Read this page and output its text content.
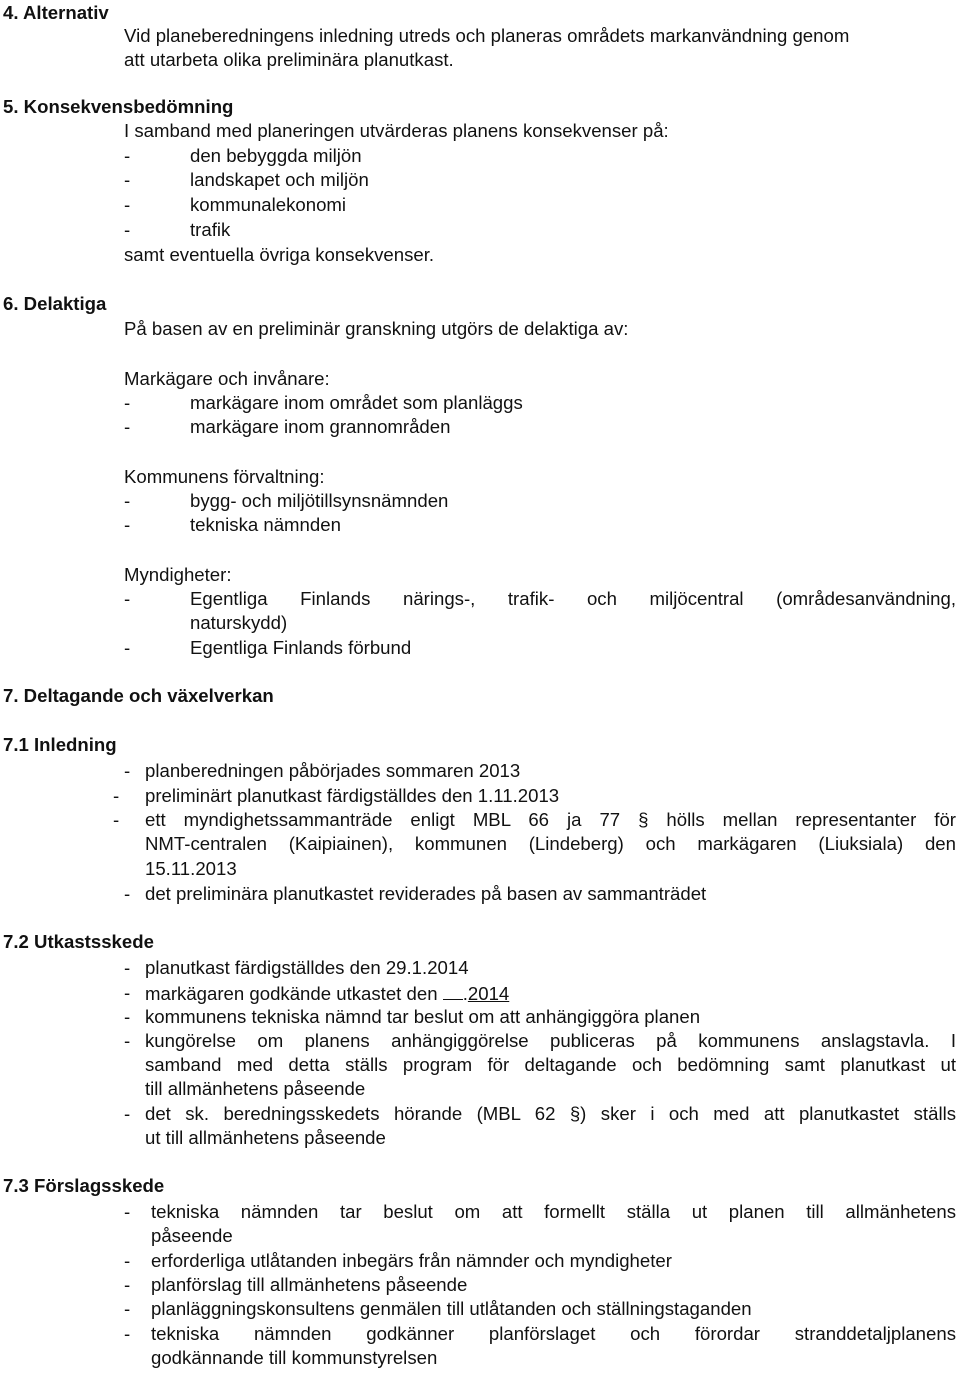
4. Alternativ
Vid planeberedningens inledning utreds och planeras områdets markanvändning genom
att utarbeta olika preliminära planutkast.
5. Konsekvensbedömning
I samband med planeringen utvärderas planens konsekvenser på:
-	den bebyggda miljön
-	landskapet och miljön
-	kommunalekonomi
-	trafik
samt eventuella övriga konsekvenser.
6. Delaktiga
På basen av en preliminär granskning utgörs de delaktiga av:
Markägare och invånare:
-	markägare inom området som planläggs
-	markägare inom grannområden
Kommunens förvaltning:
-	bygg- och miljötillsynsnämnden
-	tekniska nämnden
Myndigheter:
-	Egentliga Finlands närings-, trafik- och miljöcentral (områdesanvändning,
naturskydd)
-	Egentliga Finlands förbund
7. Deltagande och växelverkan
7.1 Inledning
- planberedningen påbörjades sommaren 2013
- preliminärt planutkast färdigställdes den 1.11.2013
- ett myndighetssammanträde enligt MBL 66 ja 77 § hölls mellan representanter för
NMT-centralen (Kaipiainen), kommunen (Lindeberg) och markägaren (Liuksiala) den
15.11.2013
- det preliminära planutkastet reviderades på basen av sammanträdet
7.2 Utkastsskede
- planutkast färdigställdes den 29.1.2014
- markägaren godkände utkastet den .2014
- kommunens tekniska nämnd tar beslut om att anhängiggöra planen
- kungörelse om planens anhängiggörelse publiceras på kommunens anslagstavla. I
samband med detta ställs program för deltagande och bedömning samt planutkast ut
till allmänhetens påseende
- det sk. beredningsskedets hörande (MBL 62 §) sker i och med att planutkastet ställs
ut till allmänhetens påseende
7.3 Förslagsskede
- tekniska nämnden tar beslut om att formellt ställa ut planen till allmänhetens
påseende
- erforderliga utlåtanden inbegärs från nämnder och myndigheter
- planförslag till allmänhetens påseende
- planläggningskonsultens genmälen till utlåtanden och ställningstaganden
- tekniska nämnden godkänner planförslaget och förordar stranddetaljplanens
godkännande till kommunstyrelsen
